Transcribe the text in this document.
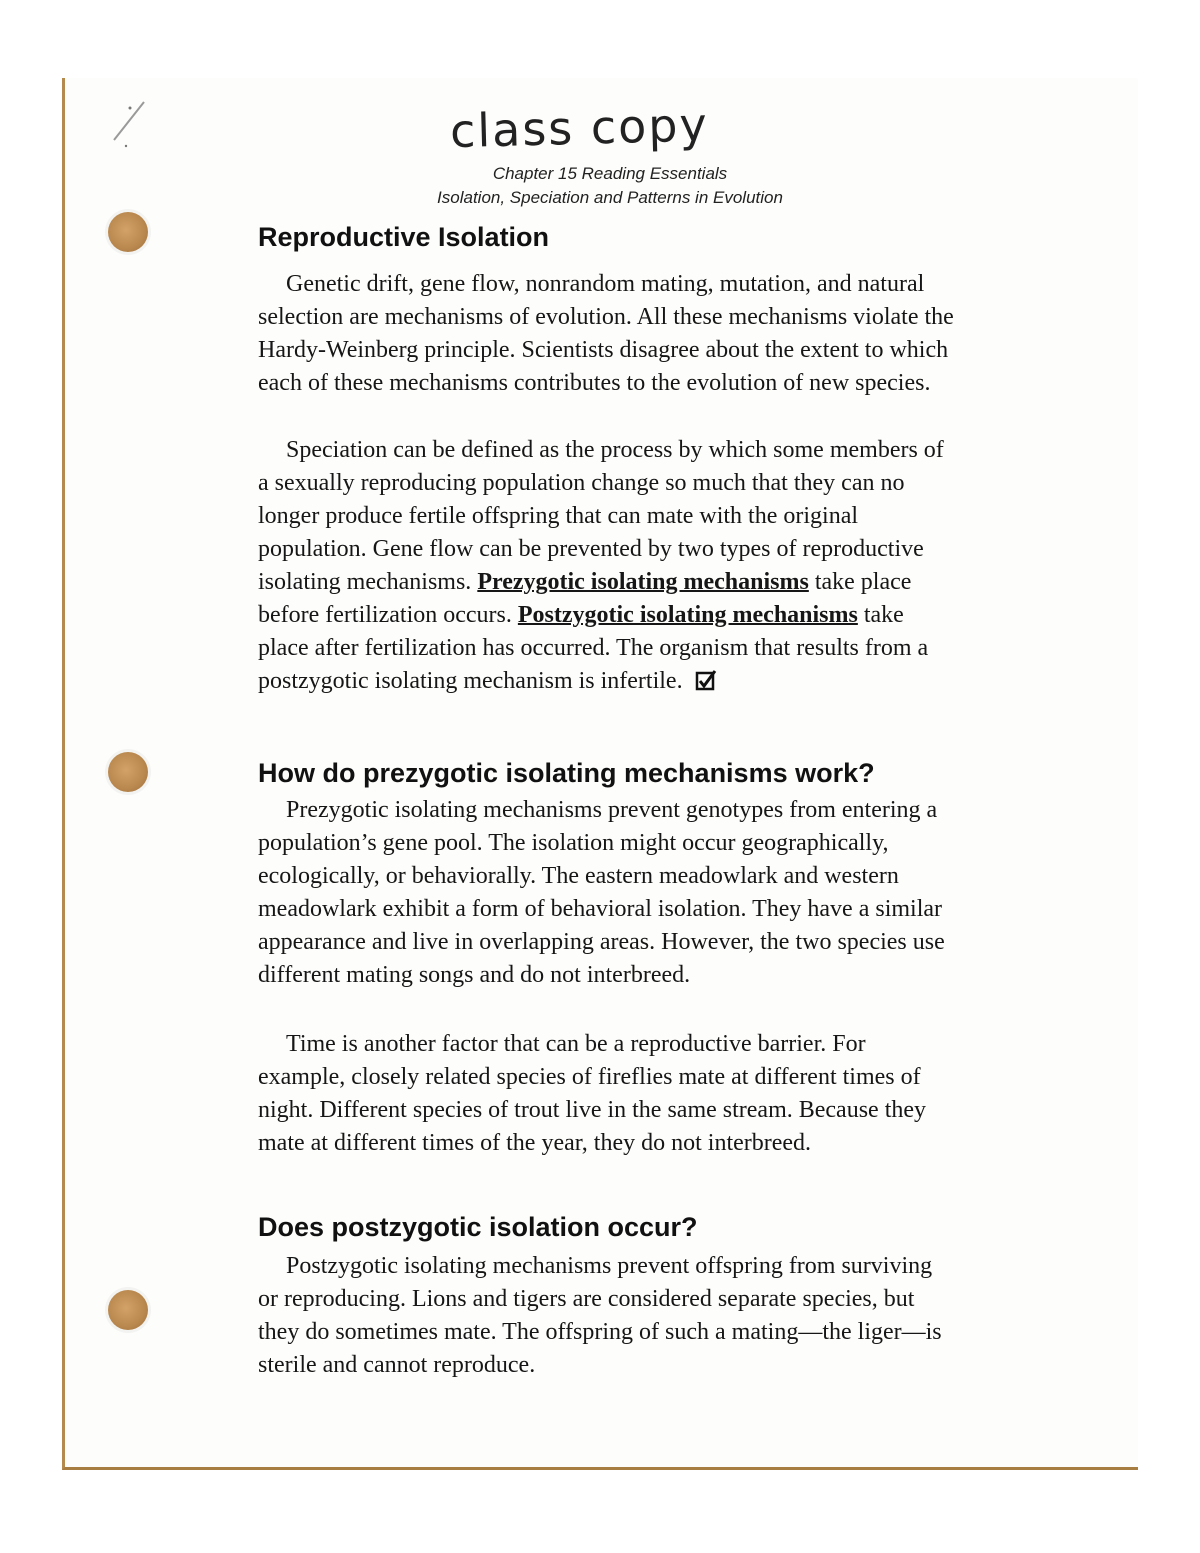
class copy
Chapter 15 Reading Essentials
Isolation, Speciation and Patterns in Evolution
Reproductive Isolation

Genetic drift, gene flow, nonrandom mating, mutation, and natural selection are mechanisms of evolution. All these mechanisms violate the Hardy-Weinberg principle. Scientists disagree about the extent to which each of these mechanisms contributes to the evolution of new species.

Speciation can be defined as the process by which some members of a sexually reproducing population change so much that they can no longer produce fertile offspring that can mate with the original population. Gene flow can be prevented by two types of reproductive isolating mechanisms. Prezygotic isolating mechanisms take place before fertilization occurs. Postzygotic isolating mechanisms take place after fertilization has occurred. The organism that results from a postzygotic isolating mechanism is infertile.

How do prezygotic isolating mechanisms work?

Prezygotic isolating mechanisms prevent genotypes from entering a population’s gene pool. The isolation might occur geographically, ecologically, or behaviorally. The eastern meadowlark and western meadowlark exhibit a form of behavioral isolation. They have a similar appearance and live in overlapping areas. However, the two species use different mating songs and do not interbreed.

Time is another factor that can be a reproductive barrier. For example, closely related species of fireflies mate at different times of night. Different species of trout live in the same stream. Because they mate at different times of the year, they do not interbreed.

Does postzygotic isolation occur?

Postzygotic isolating mechanisms prevent offspring from surviving or reproducing. Lions and tigers are considered separate species, but they do sometimes mate. The offspring of such a mating—the liger—is sterile and cannot reproduce.
